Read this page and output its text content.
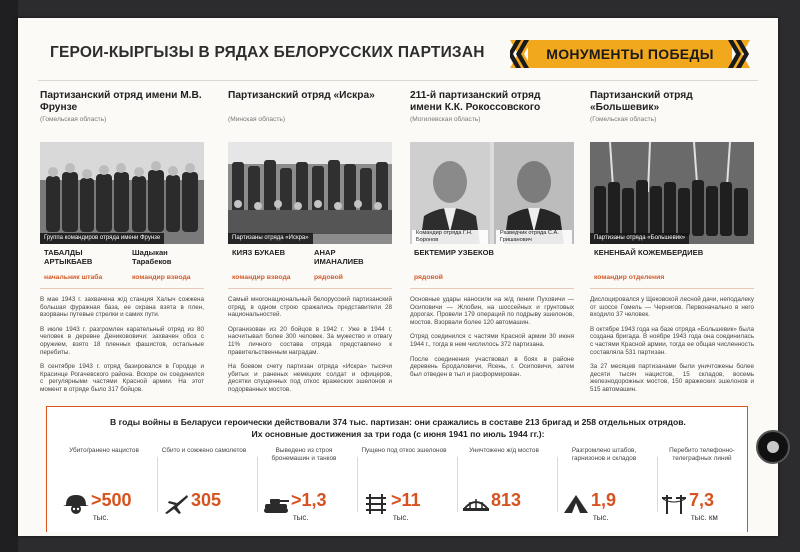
ГЕРОИ-КЫРГЫЗЫ В РЯДАХ БЕЛОРУССКИХ ПАРТИЗАН	МОНУМЕНТЫ ПОБЕДЫ
Партизанский отряд имени М.В. Фрунзе
(Гомельская область)
Группа командиров отряда имени Фрунзе
ТАБАЛДЫ АРТЫКБАЕВ
начальник штаба
Шадыкан Тарабеков
командир взвода

В мае 1943 г. захвачена ж/д станция Халыч сожжена большая фуражная база, ее охрана взята в плен, взорваны путевые стрелки и самих пути.

В июле 1943 г. разгромлен карательный отряд из 80 человек в деревне Деникововичи: захвачен обоз с оружием, взято 18 пленных фашистов, остальные перебиты.

В сентябре 1943 г. отряд базировался в Городце и Красинце Рогачевского района. Вскоре он соединился с регулярными частями Красной армии. На этот момент в отряде было 317 бойцов.

Партизанский отряд «Искра»
(Минская область)
Партизаны отряда «Искра»
КИЯЗ БУКАЕВ
командир взвода
АНАР ИМАНАЛИЕВ
рядовой

Самый многонациональный белорусский партизанский отряд, в одном строю сражались представители 28 национальностей.

Организован из 20 бойцов в 1942 г. Уже в 1944 г. насчитывал более 300 человек. За мужество и отвагу 11% личного состава отряда представлено к правительственным наградам.

На боевом счету партизан отряда «Искра» тысячи убитых и раненых немецких солдат и офицеров, десятки спущенных под откос вражеских эшелонов и подорванных мостов.

211-й партизанский отряд имени К.К. Рокоссовского
(Могилевская область)
Командир отряда Г.Н. Боронов
Разведчик отряда С.А. Гришанович
БЕКТЕМИР УЗБЕКОВ
рядовой

Основные удары наносили на ж/д линии Пуховичи — Осиповичи — Жлобин, на шоссейных и грунтовых дорогах. Провели 179 операций по подрыву эшелонов, мостов. Взорвали более 120 автомашин.

Отряд соединился с частями Красной армии 30 июня 1944 г., тогда в нем числилось 372 партизана.

После соединения участвовал в боях в районе деревень Бродаловичи, Ясень, г. Осиповичи, затем был отведен в тыл и расформирован.

Партизанский отряд «Большевик»
(Гомельская область)
Партизаны отряда «Большевик»
КЕНЕНБАЙ КОЖЕМБЕРДИЕВ
командир отделения

Дислоцировался у Щековской лесной дачи, неподалеку от шоссе Гомель — Чернигов. Первоначально в него входило 37 человек.

В октябре 1943 года на базе отряда «Большевик» была создана бригада. В ноябре 1943 года она соединилась с частями Красной армии, тогда ее общая численность составляла 531 партизан.

За 27 месяцев партизанами были уничтожены более десяти тысяч нацистов, 15 складов, восемь железнодорожных мостов, 150 вражеских эшелонов и 515 автомашин.

В годы войны в Беларуси героически действовали 374 тыс. партизан: они сражались в составе 213 бригад и 258 отдельных отрядов.
Их основные достижения за три года (с июня 1941 по июль 1944 гг.):
Убито/ранено нацистов
>500
тыс.
Сбито и сожжено самолетов
305
Выведено из строя бронемашин и танков
>1,3
тыс.
Пущено под откос эшелонов
>11
тыс.
Уничтожено ж/д мостов
813
Разгромлено штабов, гарнизонов и складов
1,9
тыс.
Перебито телефонно-телеграфных линий
7,3
тыс. км
